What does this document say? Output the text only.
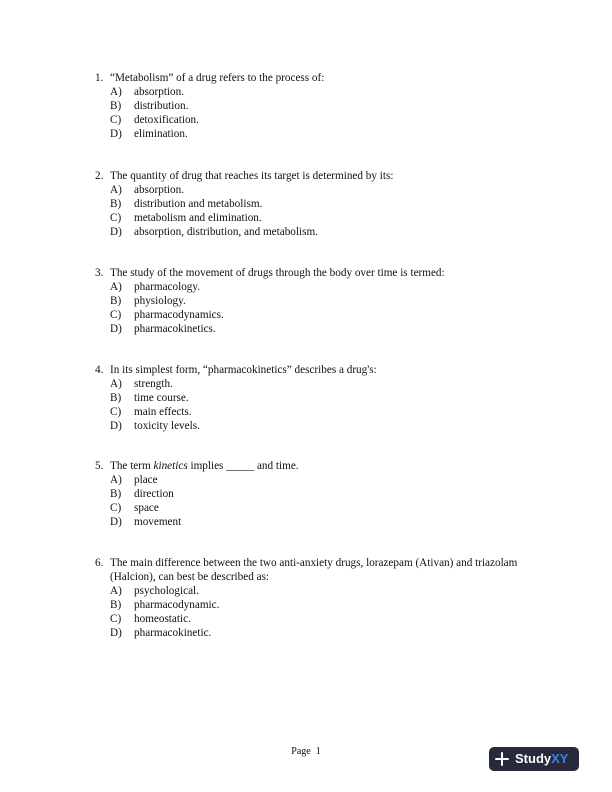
1. “Metabolism” of a drug refers to the process of:
A)	absorption.
B)	distribution.
C)	detoxification.
D)	elimination.
2. The quantity of drug that reaches its target is determined by its:
A)	absorption.
B)	distribution and metabolism.
C)	metabolism and elimination.
D)	absorption, distribution, and metabolism.
3. The study of the movement of drugs through the body over time is termed:
A)	pharmacology.
B)	physiology.
C)	pharmacodynamics.
D)	pharmacokinetics.
4. In its simplest form, “pharmacokinetics” describes a drug's:
A)	strength.
B)	time course.
C)	main effects.
D)	toxicity levels.
5. The term kinetics implies _____ and time.
A)	place
B)	direction
C)	space
D)	movement
6. The main difference between the two anti-anxiety drugs, lorazepam (Ativan) and triazolam (Halcion), can best be described as:
A)	psychological.
B)	pharmacodynamic.
C)	homeostatic.
D)	pharmacokinetic.
Page 1	Study XY
